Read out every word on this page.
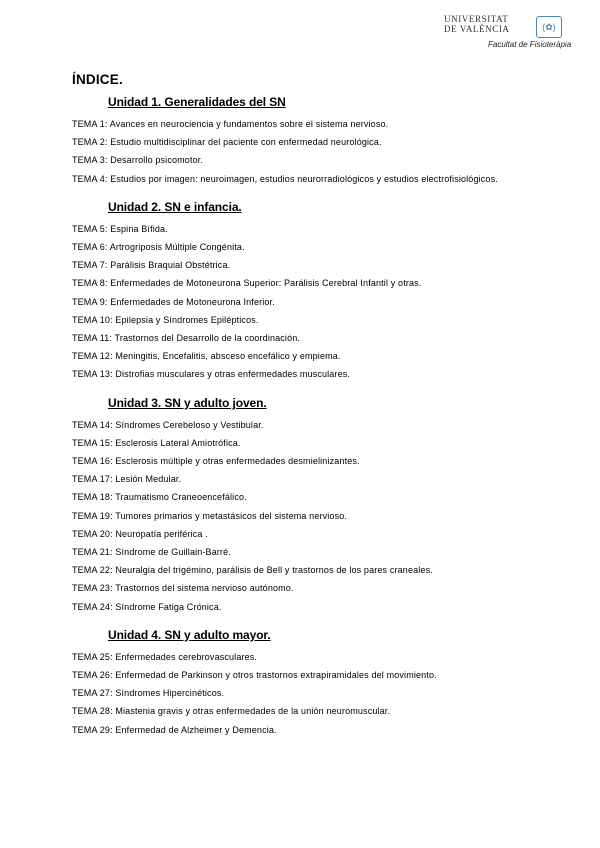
UNIVERSITAT
DE VALÈNCIA	(✿)
Facultat de Fisioteràpia
ÍNDICE.
Unidad 1. Generalidades del SN
TEMA 1: Avances en neurociencia y fundamentos sobre el sistema nervioso.
TEMA 2: Estudio multidisciplinar del paciente con enfermedad neurológica.
TEMA 3: Desarrollo psicomotor.
TEMA 4: Estudios por imagen: neuroimagen, estudios neurorradiológicos y estudios electrofisiológicos.
Unidad 2. SN e infancia.
TEMA 5: Espina Bífida.
TEMA 6: Artrogriposis Múltiple Congénita.
TEMA 7: Parálisis Braquial Obstétrica.
TEMA 8: Enfermedades de Motoneurona Superior: Parálisis Cerebral Infantil y otras.
TEMA 9: Enfermedades de Motoneurona Inferior.
TEMA 10: Epilepsia y Síndromes Epilépticos.
TEMA 11: Trastornos del Desarrollo de la coordinación.
TEMA 12: Meningitis, Encefalitis, absceso encefálico y empiema.
TEMA 13: Distrofias musculares y otras enfermedades musculares.
Unidad 3. SN y adulto joven.
TEMA 14: Síndromes Cerebeloso y Vestibular.
TEMA 15: Esclerosis Lateral Amiotrófica.
TEMA 16: Esclerosis múltiple y otras enfermedades desmielinizantes.
TEMA 17: Lesión Medular.
TEMA 18: Traumatismo Craneoencefálico.
TEMA 19: Tumores primarios y metastásicos del sistema nervioso.
TEMA 20: Neuropatía periférica .
TEMA 21: Síndrome de Guillain-Barré.
TEMA 22: Neuralgia del trigémino, parálisis de Bell y trastornos de los pares craneales.
TEMA 23: Trastornos del sistema nervioso autónomo.
TEMA 24: Síndrome Fatiga Crónica.
Unidad 4. SN y adulto mayor.
TEMA 25: Enfermedades cerebrovasculares.
TEMA 26: Enfermedad de Parkinson y otros trastornos extrapiramidales del movimiento.
TEMA 27: Síndromes Hipercinéticos.
TEMA 28: Miastenia gravis y otras enfermedades de la unión neuromuscular.
TEMA 29: Enfermedad de Alzheimer y Demencia.
